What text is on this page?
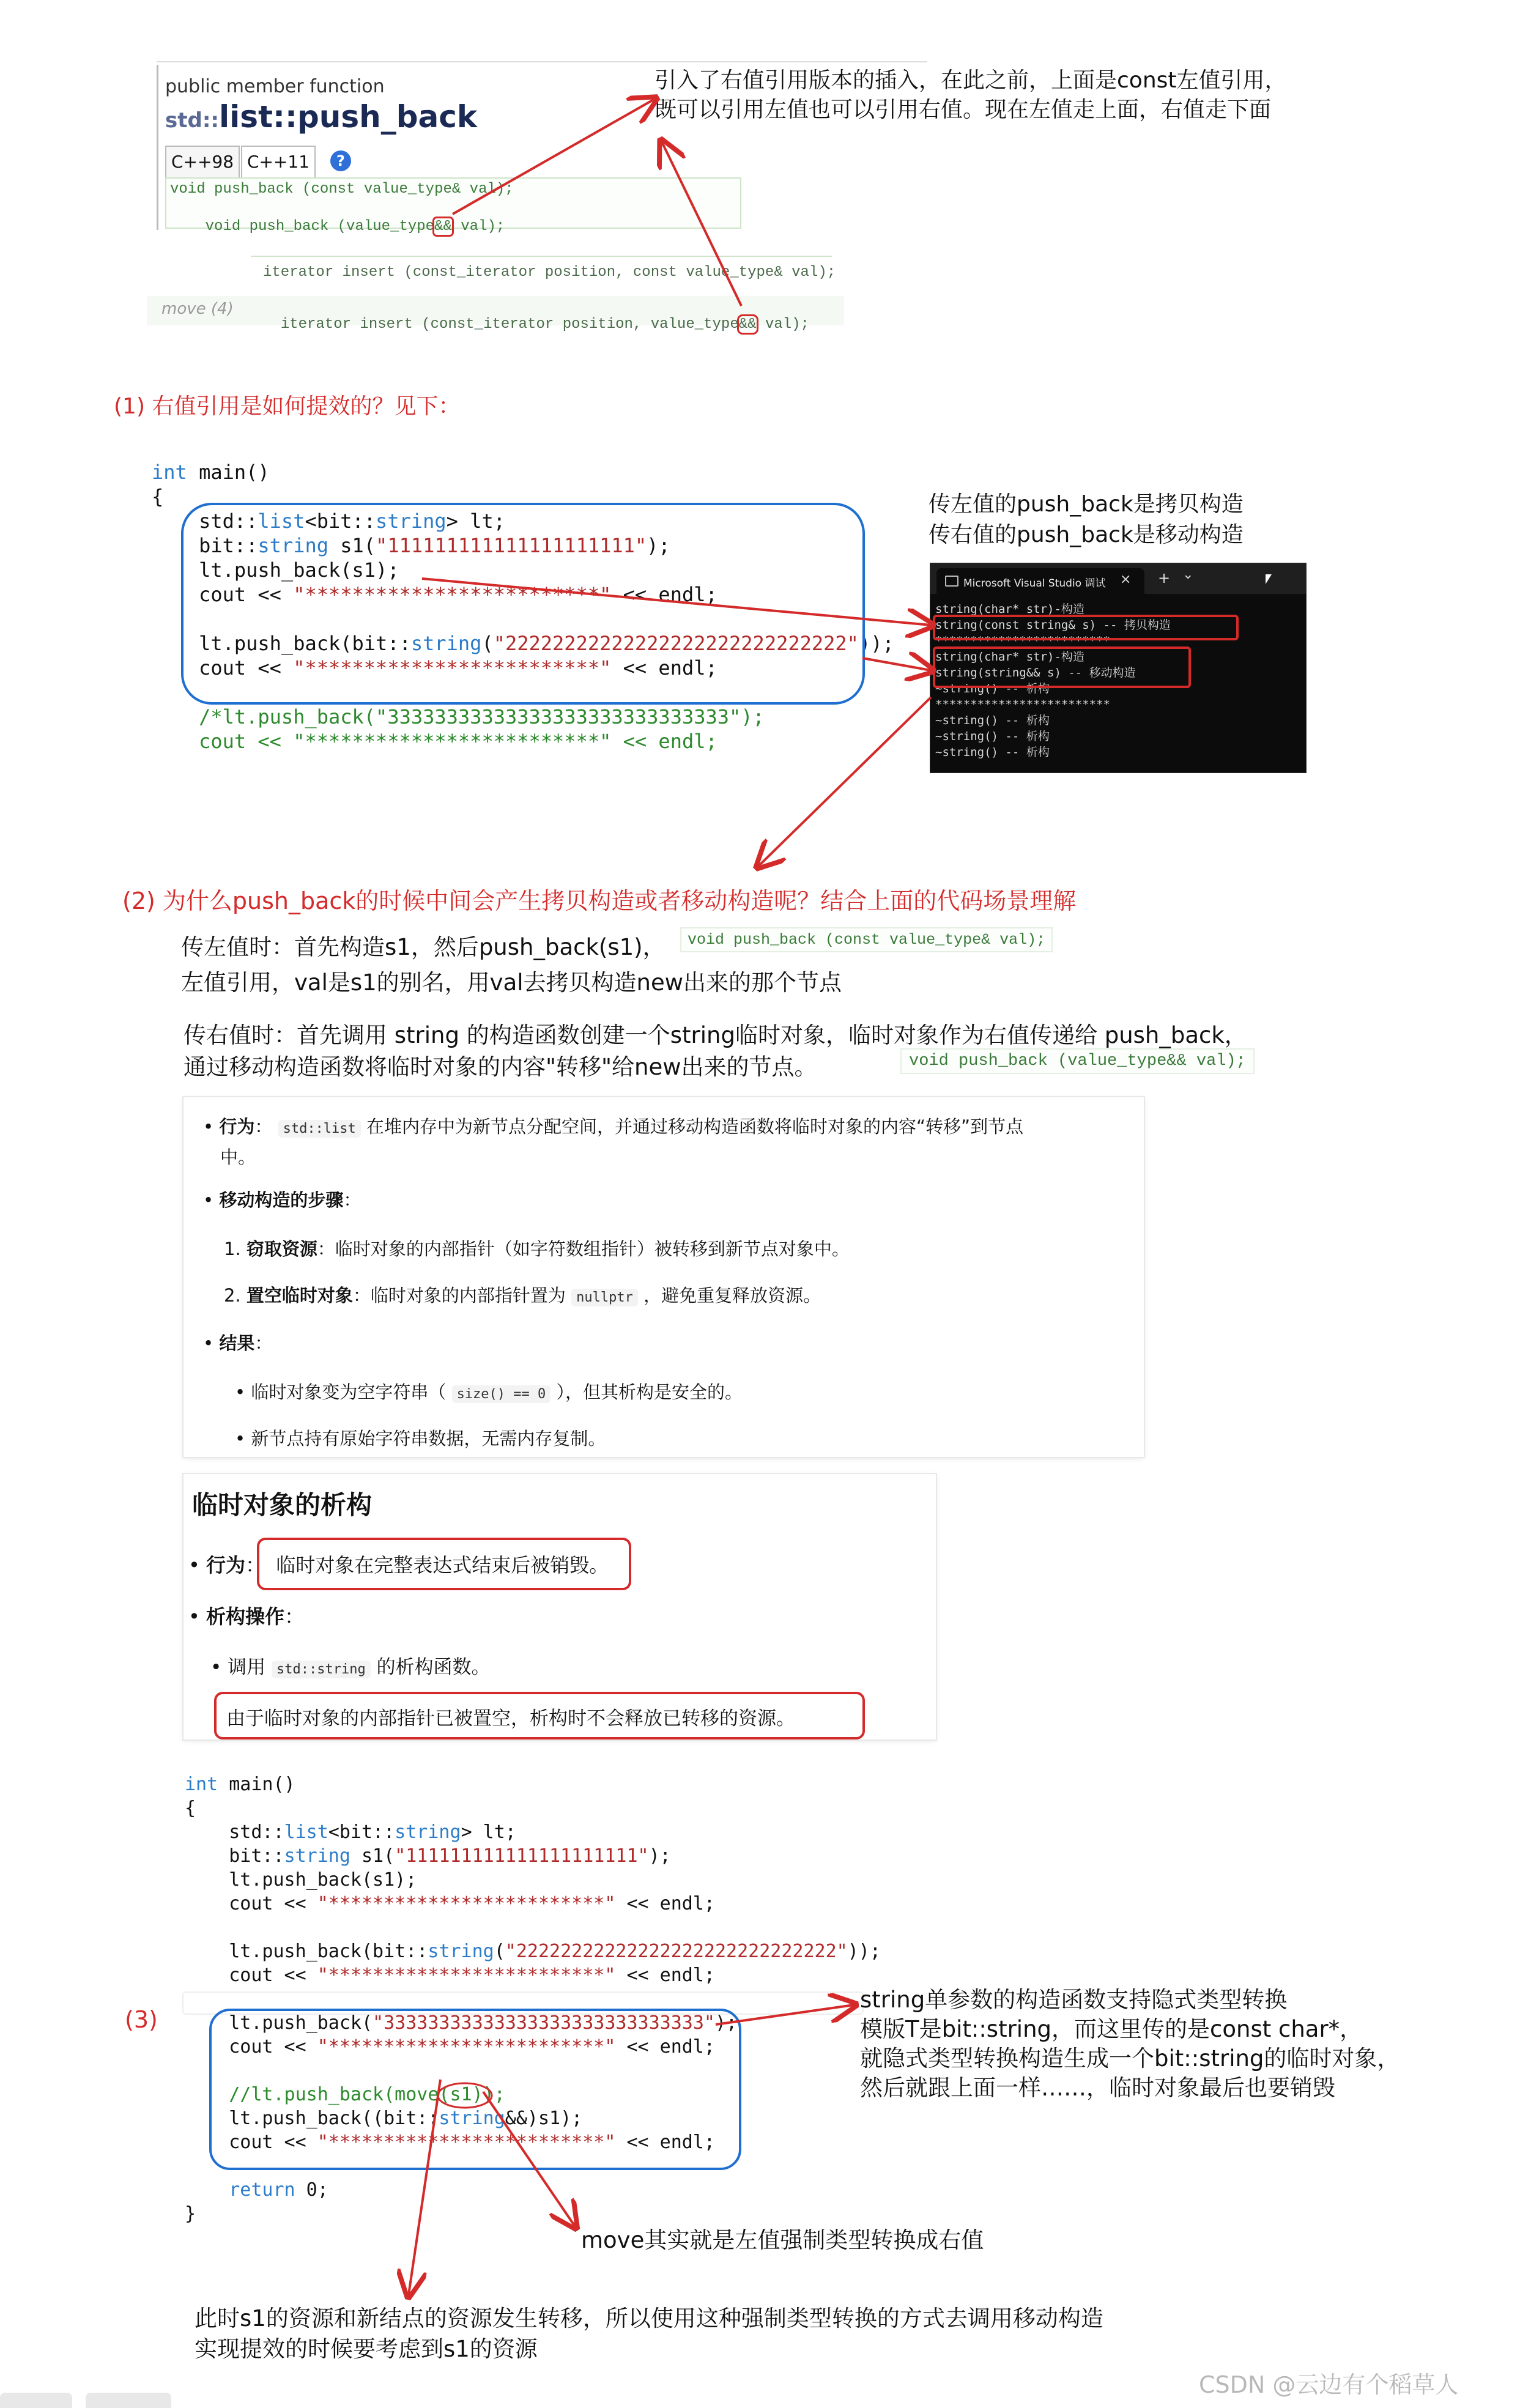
public member function
std::list::push_back
C++98 C++11	?
void push_back (const value_type& val);

void push_back (value_type&& val);

iterator insert (const_iterator position, const value_type& val);
move (4)

iterator insert (const_iterator position, value_type&& val);

引入了右值引用版本的插入，在此之前，上面是const左值引用，
既可以引用左值也可以引用右值。现在左值走上面，右值走下面
(1) 右值引用是如何提效的？见下：
int main()
{
std::list<bit::string> lt;
bit::string s1("111111111111111111111");
lt.push_back(s1);
cout << "*************************" << endl;

lt.push_back(bit::string("22222222222222222222222222222"));
cout << "*************************" << endl;

/*lt.push_back("33333333333333333333333333333");
cout << "*************************" << endl;
传左值的push_back是拷贝构造
传右值的push_back是移动构造
Microsoft Visual Studio 调试 × + ⌄
string(char* str)-构造
string(const string& s) -- 拷贝构造
*************************
string(char* str)-构造
string(string&& s) -- 移动构造
~string() -- 析构
*************************
~string() -- 析构
~string() -- 析构
~string() -- 析构
(2) 为什么push_back的时候中间会产生拷贝构造或者移动构造呢？结合上面的代码场景理解
传左值时：首先构造s1，然后push_back(s1)，	void push_back (const value_type& val);
左值引用，val是s1的别名，用val去拷贝构造new出来的那个节点
传右值时：首先调用 string 的构造函数创建一个string临时对象，临时对象作为右值传递给 push_back，
通过移动构造函数将临时对象的内容"转移"给new出来的节点。	void push_back (value_type&& val);
• 行为： std::list 在堆内存中为新节点分配空间，并通过移动构造函数将临时对象的内容“转移”到节点
中。
• 移动构造的步骤：
1. 窃取资源：临时对象的内部指针（如字符数组指针）被转移到新节点对象中。
2. 置空临时对象：临时对象的内部指针置为 nullptr ，避免重复释放资源。
• 结果：
• 临时对象变为空字符串（ size() == 0 ），但其析构是安全的。
• 新节点持有原始字符串数据，无需内存复制。
临时对象的析构
• 行为： 临时对象在完整表达式结束后被销毁。
• 析构操作：
• 调用 std::string 的析构函数。
由于临时对象的内部指针已被置空，析构时不会释放已转移的资源。
int main()
{
std::list<bit::string> lt;
bit::string s1("111111111111111111111");
lt.push_back(s1);
cout << "*************************" << endl;

lt.push_back(bit::string("22222222222222222222222222222"));
cout << "*************************" << endl;

lt.push_back("33333333333333333333333333333");
cout << "*************************" << endl;

//lt.push_back(move(s1));
lt.push_back((bit::string&&)s1);
cout << "*************************" << endl;

return 0;
}
(3)
string单参数的构造函数支持隐式类型转换
模版T是bit::string，而这里传的是const char*，
就隐式类型转换构造生成一个bit::string的临时对象，
然后就跟上面一样……，临时对象最后也要销毁
move其实就是左值强制类型转换成右值
此时s1的资源和新结点的资源发生转移，所以使用这种强制类型转换的方式去调用移动构造
实现提效的时候要考虑到s1的资源
CSDN @云边有个稻草人
